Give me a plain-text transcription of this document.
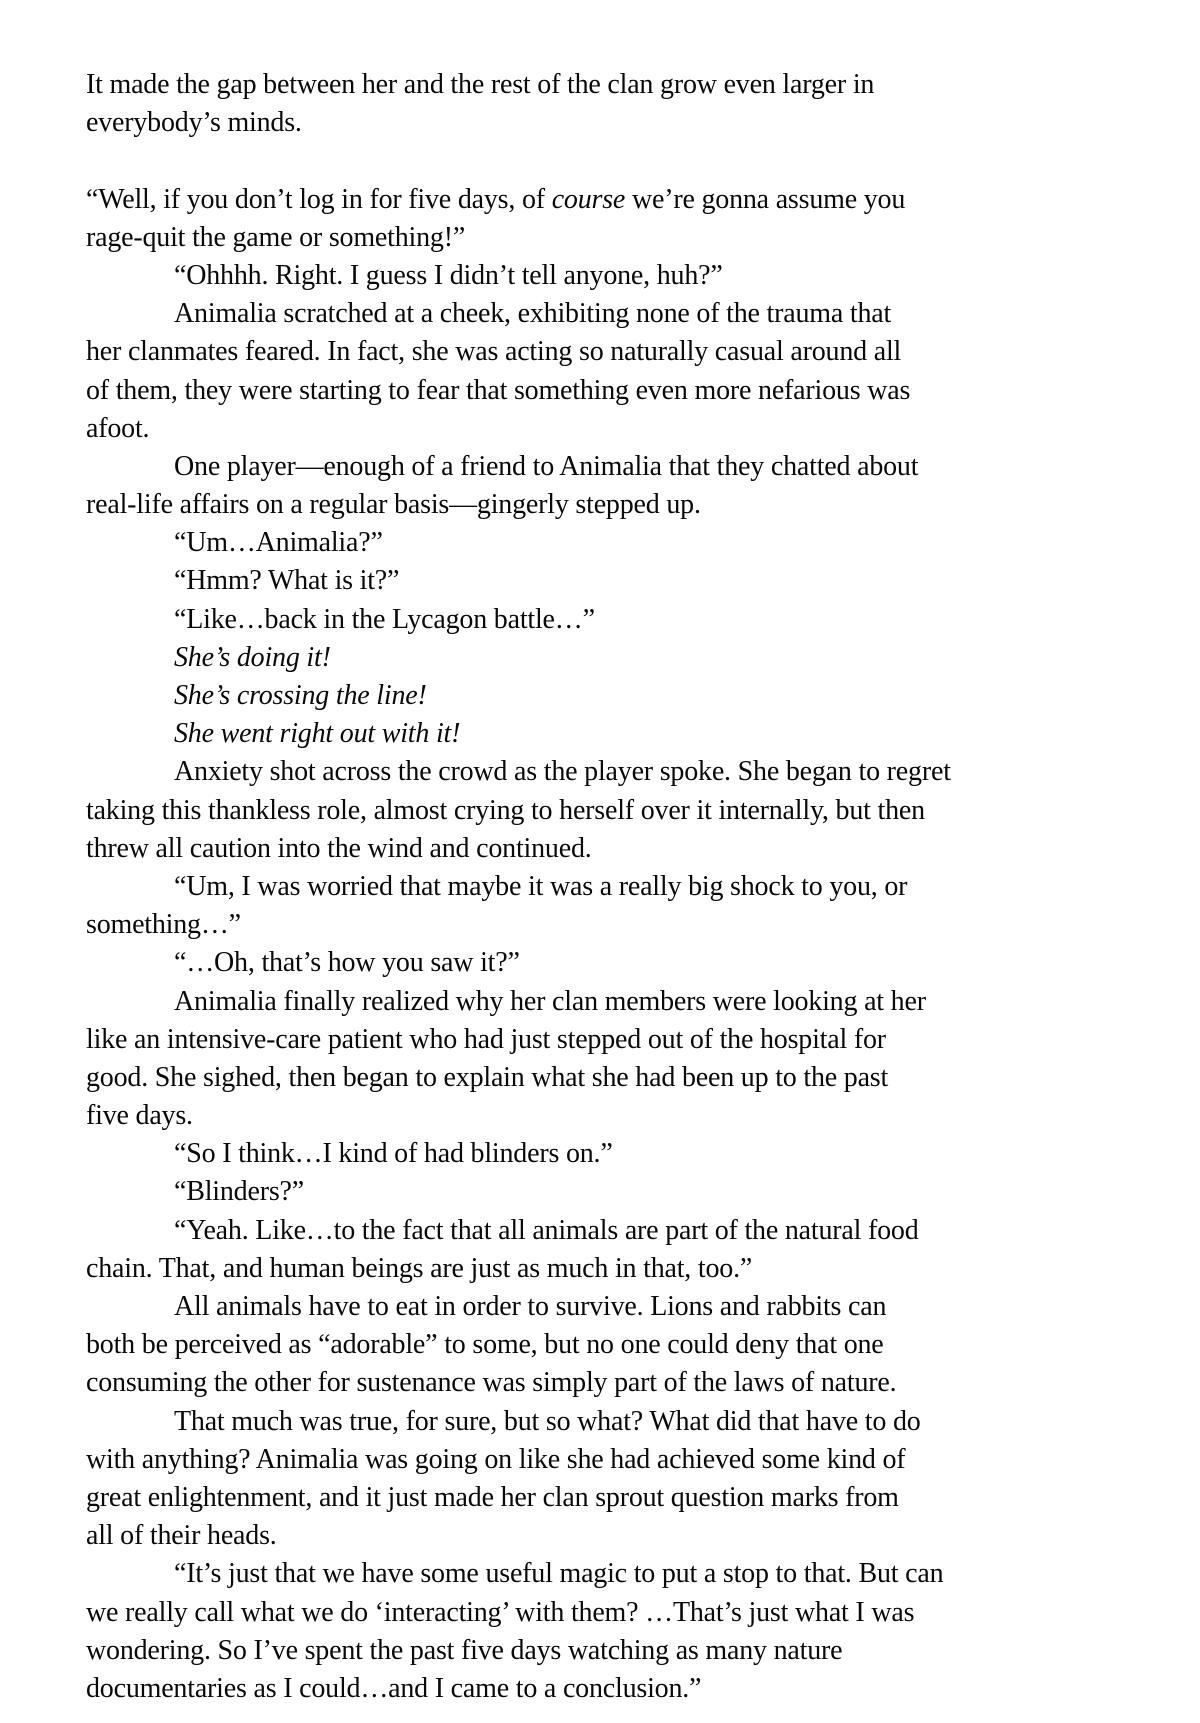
It made the gap between her and the rest of the clan grow even larger in
everybody’s minds.

“Well, if you don’t log in for five days, of course we’re gonna assume you
rage-quit the game or something!”
“Ohhhh. Right. I guess I didn’t tell anyone, huh?”
Animalia scratched at a cheek, exhibiting none of the trauma that
her clanmates feared. In fact, she was acting so naturally casual around all
of them, they were starting to fear that something even more nefarious was
afoot.
One player—enough of a friend to Animalia that they chatted about
real-life affairs on a regular basis—gingerly stepped up.
“Um…Animalia?”
“Hmm? What is it?”
“Like…back in the Lycagon battle…”
She’s doing it!
She’s crossing the line!
She went right out with it!
Anxiety shot across the crowd as the player spoke. She began to regret
taking this thankless role, almost crying to herself over it internally, but then
threw all caution into the wind and continued.
“Um, I was worried that maybe it was a really big shock to you, or
something…”
“…Oh, that’s how you saw it?”
Animalia finally realized why her clan members were looking at her
like an intensive-care patient who had just stepped out of the hospital for
good. She sighed, then began to explain what she had been up to the past
five days.
“So I think…I kind of had blinders on.”
“Blinders?”
“Yeah. Like…to the fact that all animals are part of the natural food
chain. That, and human beings are just as much in that, too.”
All animals have to eat in order to survive. Lions and rabbits can
both be perceived as “adorable” to some, but no one could deny that one
consuming the other for sustenance was simply part of the laws of nature.
That much was true, for sure, but so what? What did that have to do
with anything? Animalia was going on like she had achieved some kind of
great enlightenment, and it just made her clan sprout question marks from
all of their heads.
“It’s just that we have some useful magic to put a stop to that. But can
we really call what we do ‘interacting’ with them? …That’s just what I was
wondering. So I’ve spent the past five days watching as many nature
documentaries as I could…and I came to a conclusion.”
